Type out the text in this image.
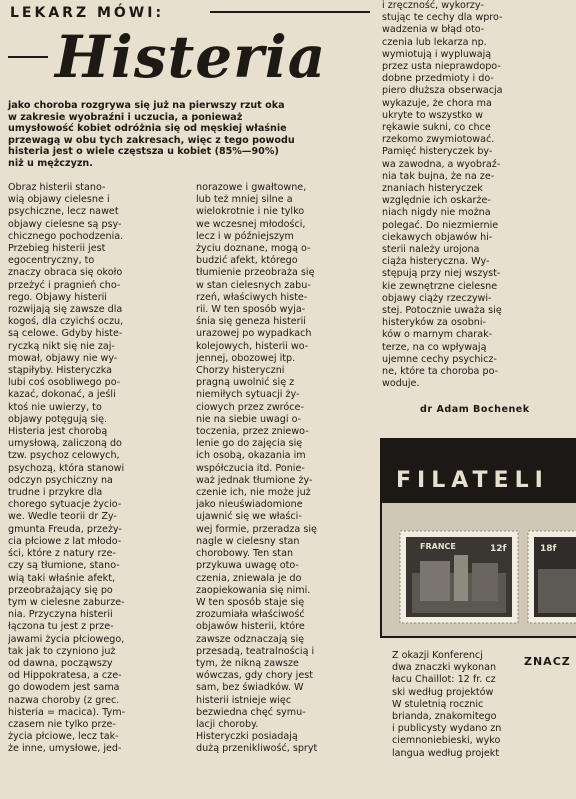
LEKARZ MÓWI:
Histeria
jako choroba rozgrywa się już na pierwszy rzut oka
w zakresie wyobraźni i uczucia, a ponieważ
umysłowość kobiet odróżnia się od męskiej właśnie
przewagą w obu tych zakresach, więc z tego powodu
histeria jest o wiele częstsza u kobiet (85%—90%)
niż u mężczyzn.
Obraz histerii stano-
wią objawy cielesne i
psychiczne, lecz nawet
objawy cielesne są psy-
chicznego pochodzenia.
Przebieg histerii jest
egocentryczny, to
znaczy obraca się około
przeżyć i pragnień cho-
rego. Objawy histerii
rozwijają się zawsze dla
kogoś, dla czyichś oczu,
są celowe. Gdyby histe-
ryczką nikt się nie zaj-
mował, objawy nie wy-
stąpiłyby. Histeryczka
lubi coś osobliwego po-
kazać, dokonać, a jeśli
ktoś nie uwierzy, to
objawy potęgują się.
Histeria jest chorobą
umysłową, zaliczoną do
tzw. psychoz celowych,
psychozą, która stanowi
odczyn psychiczny na
trudne i przykre dla
chorego sytuacje życio-
we. Wedle teorii dr Zy-
gmunta Freuda, przeży-
cia płciowe z lat młodo-
ści, które z natury rze-
czy są tłumione, stano-
wią taki właśnie afekt,
przeobrażający się po
tym w cielesne zaburze-
nia. Przyczyna histerii
łączona tu jest z prze-
jawami życia płciowego,
tak jak to czyniono już
od dawna, począwszy
od Hippokratesa, a cze-
go dowodem jest sama
nazwa choroby (z grec.
histeria = macica). Tym-
czasem nie tylko prze-
życia płciowe, lecz tak-
że inne, umysłowe, jed-
norazowe i gwałtowne,
lub też mniej silne a
wielokrotnie i nie tylko
we wczesnej młodości,
lecz i w późniejszym
życiu doznane, mogą o-
budzić afekt, którego
tłumienie przeobraża się
w stan cielesnych zabu-
rzeń, właściwych histe-
rii. W ten sposób wyja-
śnia się geneza histerii
urazowej po wypadkach
kolejowych, histerii wo-
jennej, obozowej itp.
Chorzy histeryczni
pragną uwolnić się z
niemiłych sytuacji ży-
ciowych przez zwróce-
nie na siebie uwagi o-
toczenia, przez zniewo-
lenie go do zajęcia się
ich osobą, okazania im
współczucia itd. Ponie-
waż jednak tłumione ży-
czenie ich, nie może już
jako nieuświadomione
ujawnić się we właści-
wej formie, przeradza się
nagle w cielesny stan
chorobowy. Ten stan
przykuwa uwagę oto-
czenia, zniewala je do
zaopiekowania się nimi.
W ten sposób staje się
zrozumiała właściwość
objawów histerii, które
zawsze odznaczają się
przesadą, teatralnością i
tym, że nikną zawsze
wówczas, gdy chory jest
sam, bez świadków. W
histerii istnieje więc
bezwiedna chęć symu-
lacji choroby.
Histeryczki posiadają
dużą przenikliwość, spryt
i zręczność, wykorzy-
stując te cechy dla wpro-
wadzenia w błąd oto-
czenia lub lekarza np.
wymiotują i wypluwają
przez usta nieprawdopo-
dobne przedmioty i do-
piero dłuższa obserwacja
wykazuje, że chora ma
ukryte to wszystko w
rękawie sukni, co chce
rzekomo zwymiotować.
Pamięć histeryczek by-
wa zawodna, a wyobraź-
nia tak bujna, że na ze-
znaniach histeryczek
względnie ich oskarże-
niach nigdy nie można
polegać. Do niezmiernie
ciekawych objawów hi-
sterii należy urojona
ciąża histeryczna. Wy-
stępują przy niej wszyst-
kie zewnętrzne cielesne
objawy ciąży rzeczywi-
stej. Potocznie uważa się
histeryków za osobni-
ków o marnym charak-
terze, na co wpływają
ujemne cechy psychicz-
ne, które ta choroba po-
woduje.
dr Adam Bochenek
FILATELI
FRANCE	12f	18f
ZNACZ
Z okazji Konferencj
dwa znaczki wykonan
łacu Chaillot: 12 fr. cz
ski według projektów
W stuletnią rocznic
brianda, znakomitego
i publicysty wydano zn
ciemnoniebieski, wyko
langua według projekt
